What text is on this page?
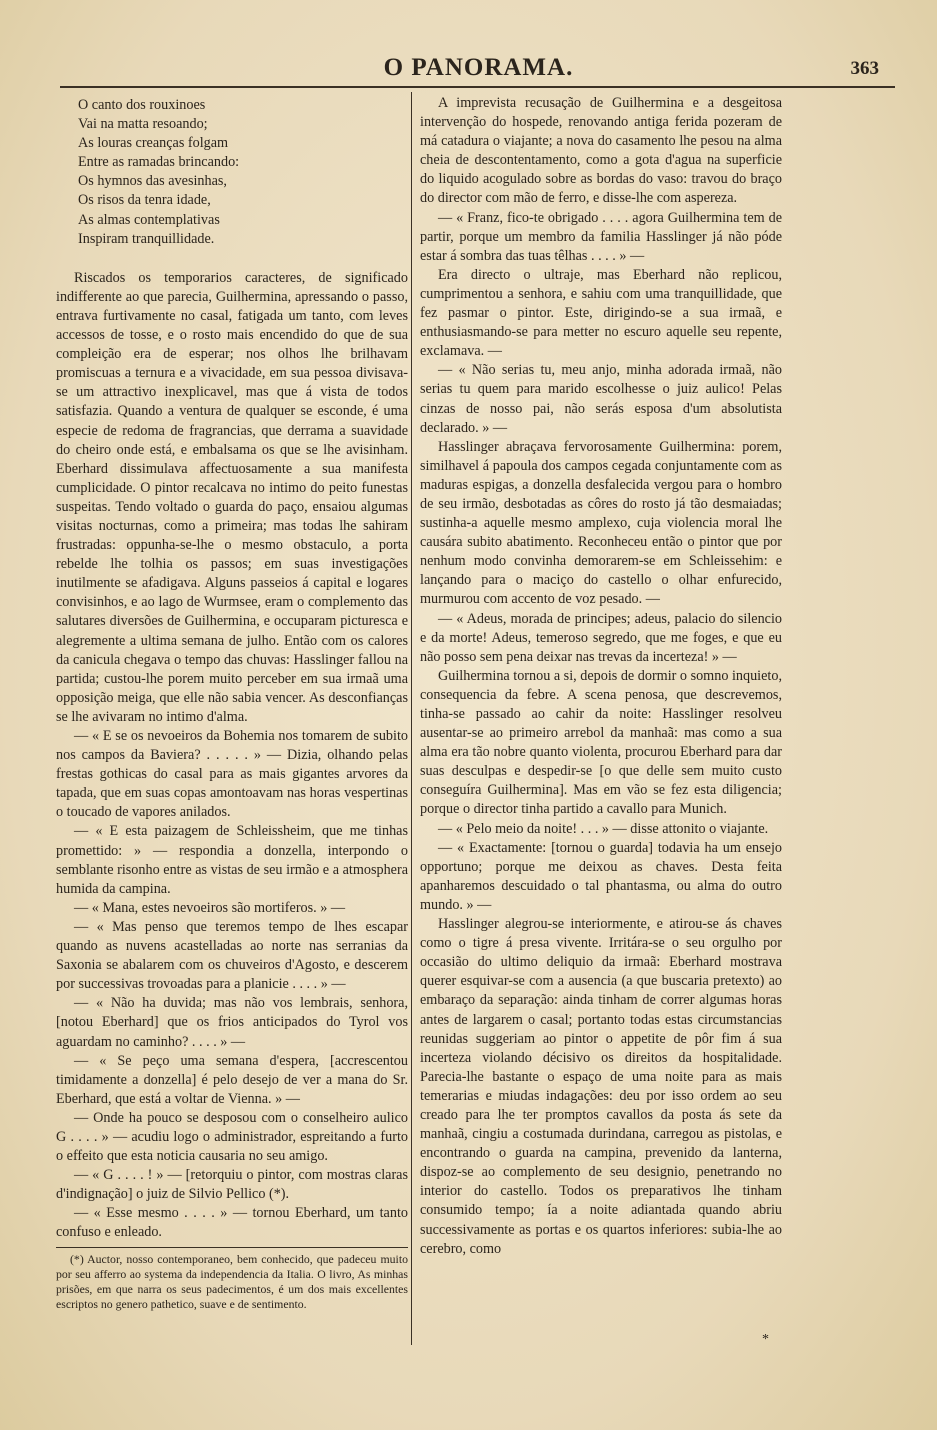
O PANORAMA.	363
O canto dos rouxinoes
Vai na matta resoando;
As louras creanças folgam
Entre as ramadas brincando:
Os hymnos das avesinhas,
Os risos da tenra idade,
As almas contemplativas
Inspiram tranquillidade.

Riscados os temporarios caracteres, de significado indifferente ao que parecia, Guilhermina, apressando o passo, entrava furtivamente no casal, fatigada um tanto, com leves accessos de tosse, e o rosto mais encendido do que de sua compleição era de esperar; nos olhos lhe brilhavam promiscuas a ternura e a vivacidade, em sua pessoa divisava-se um attractivo inexplicavel, mas que á vista de todos satisfazia. Quando a ventura de qualquer se esconde, é uma especie de redoma de fragrancias, que derrama a suavidade do cheiro onde está, e embalsama os que se lhe avisinham. Eberhard dissimulava affectuosamente a sua manifesta cumplicidade. O pintor recalcava no intimo do peito funestas suspeitas. Tendo voltado o guarda do paço, ensaiou algumas visitas nocturnas, como a primeira; mas todas lhe sahiram frustradas: oppunha-se-lhe o mesmo obstaculo, a porta rebelde lhe tolhia os passos; em suas investigações inutilmente se afadigava. Alguns passeios á capital e logares convisinhos, e ao lago de Wurmsee, eram o complemento das salutares diversões de Guilhermina, e occuparam picturesca e alegremente a ultima semana de julho. Então com os calores da canicula chegava o tempo das chuvas: Hasslinger fallou na partida; custou-lhe porem muito perceber em sua irmaã uma opposição meiga, que elle não sabia vencer. As desconfianças se lhe avivaram no intimo d'alma.

— « E se os nevoeiros da Bohemia nos tomarem de subito nos campos da Baviera? . . . . . » — Dizia, olhando pelas frestas gothicas do casal para as mais gigantes arvores da tapada, que em suas copas amontoavam nas horas vespertinas o toucado de vapores anilados.

— « E esta paizagem de Schleissheim, que me tinhas promettido: » — respondia a donzella, interpondo o semblante risonho entre as vistas de seu irmão e a atmosphera humida da campina.

— « Mana, estes nevoeiros são mortiferos. » —

— « Mas penso que teremos tempo de lhes escapar quando as nuvens acastelladas ao norte nas serranias da Saxonia se abalarem com os chuveiros d'Agosto, e descerem por successivas trovoadas para a planicie . . . . » —

— « Não ha duvida; mas não vos lembrais, senhora, [notou Eberhard] que os frios anticipados do Tyrol vos aguardam no caminho? . . . . » —

— « Se peço uma semana d'espera, [accrescentou timidamente a donzella] é pelo desejo de ver a mana do Sr. Eberhard, que está a voltar de Vienna. » —

— Onde ha pouco se desposou com o conselheiro aulico G . . . . » — acudiu logo o administrador, espreitando a furto o effeito que esta noticia causaria no seu amigo.

— « G . . . . ! » — [retorquiu o pintor, com mostras claras d'indignação] o juiz de Silvio Pellico (*).

— « Esse mesmo . . . . » — tornou Eberhard, um tanto confuso e enleado.

(*) Auctor, nosso contemporaneo, bem conhecido, que padeceu muito por seu afferro ao systema da independencia da Italia. O livro, As minhas prisões, em que narra os seus padecimentos, é um dos mais excellentes escriptos no genero pathetico, suave e de sentimento.

A imprevista recusação de Guilhermina e a desgeitosa intervenção do hospede, renovando antiga ferida pozeram de má catadura o viajante; a nova do casamento lhe pesou na alma cheia de descontentamento, como a gota d'agua na superficie do liquido acogulado sobre as bordas do vaso: travou do braço do director com mão de ferro, e disse-lhe com aspereza.

— « Franz, fico-te obrigado . . . . agora Guilhermina tem de partir, porque um membro da familia Hasslinger já não póde estar á sombra das tuas têlhas . . . . » —

Era directo o ultraje, mas Eberhard não replicou, cumprimentou a senhora, e sahiu com uma tranquillidade, que fez pasmar o pintor. Este, dirigindo-se a sua irmaã, e enthusiasmando-se para metter no escuro aquelle seu repente, exclamava. —

— « Não serias tu, meu anjo, minha adorada irmaã, não serias tu quem para marido escolhesse o juiz aulico! Pelas cinzas de nosso pai, não serás esposa d'um absolutista declarado. » —

Hasslinger abraçava fervorosamente Guilhermina: porem, similhavel á papoula dos campos cegada conjuntamente com as maduras espigas, a donzella desfalecida vergou para o hombro de seu irmão, desbotadas as côres do rosto já tão desmaiadas; sustinha-a aquelle mesmo amplexo, cuja violencia moral lhe causára subito abatimento. Reconheceu então o pintor que por nenhum modo convinha demorarem-se em Schleissehim: e lançando para o maciço do castello o olhar enfurecido, murmurou com accento de voz pesado. —

— « Adeus, morada de principes; adeus, palacio do silencio e da morte! Adeus, temeroso segredo, que me foges, e que eu não posso sem pena deixar nas trevas da incerteza! » —

Guilhermina tornou a si, depois de dormir o somno inquieto, consequencia da febre. A scena penosa, que descrevemos, tinha-se passado ao cahir da noite: Hasslinger resolveu ausentar-se ao primeiro arrebol da manhaã: mas como a sua alma era tão nobre quanto violenta, procurou Eberhard para dar suas desculpas e despedir-se [o que delle sem muito custo conseguíra Guilhermina]. Mas em vão se fez esta diligencia; porque o director tinha partido a cavallo para Munich.

— « Pelo meio da noite! . . . » — disse attonito o viajante.

— « Exactamente: [tornou o guarda] todavia ha um ensejo opportuno; porque me deixou as chaves. Desta feita apanharemos descuidado o tal phantasma, ou alma do outro mundo. » —

Hasslinger alegrou-se interiormente, e atirou-se ás chaves como o tigre á presa vivente. Irritára-se o seu orgulho por occasião do ultimo deliquio da irmaã: Eberhard mostrava querer esquivar-se com a ausencia (a que buscaria pretexto) ao embaraço da separação: ainda tinham de correr algumas horas antes de largarem o casal; portanto todas estas circumstancias reunidas suggeriam ao pintor o appetite de pôr fim á sua incerteza violando décisivo os direitos da hospitalidade. Parecia-lhe bastante o espaço de uma noite para as mais temerarias e miudas indagações: deu por isso ordem ao seu creado para lhe ter promptos cavallos da posta ás sete da manhaã, cingiu a costumada durindana, carregou as pistolas, e encontrando o guarda na campina, prevenido da lanterna, dispoz-se ao complemento de seu designio, penetrando no interior do castello. Todos os preparativos lhe tinham consumido tempo; ía a noite adiantada quando abriu successivamente as portas e os quartos inferiores: subia-lhe ao cerebro, como

*
